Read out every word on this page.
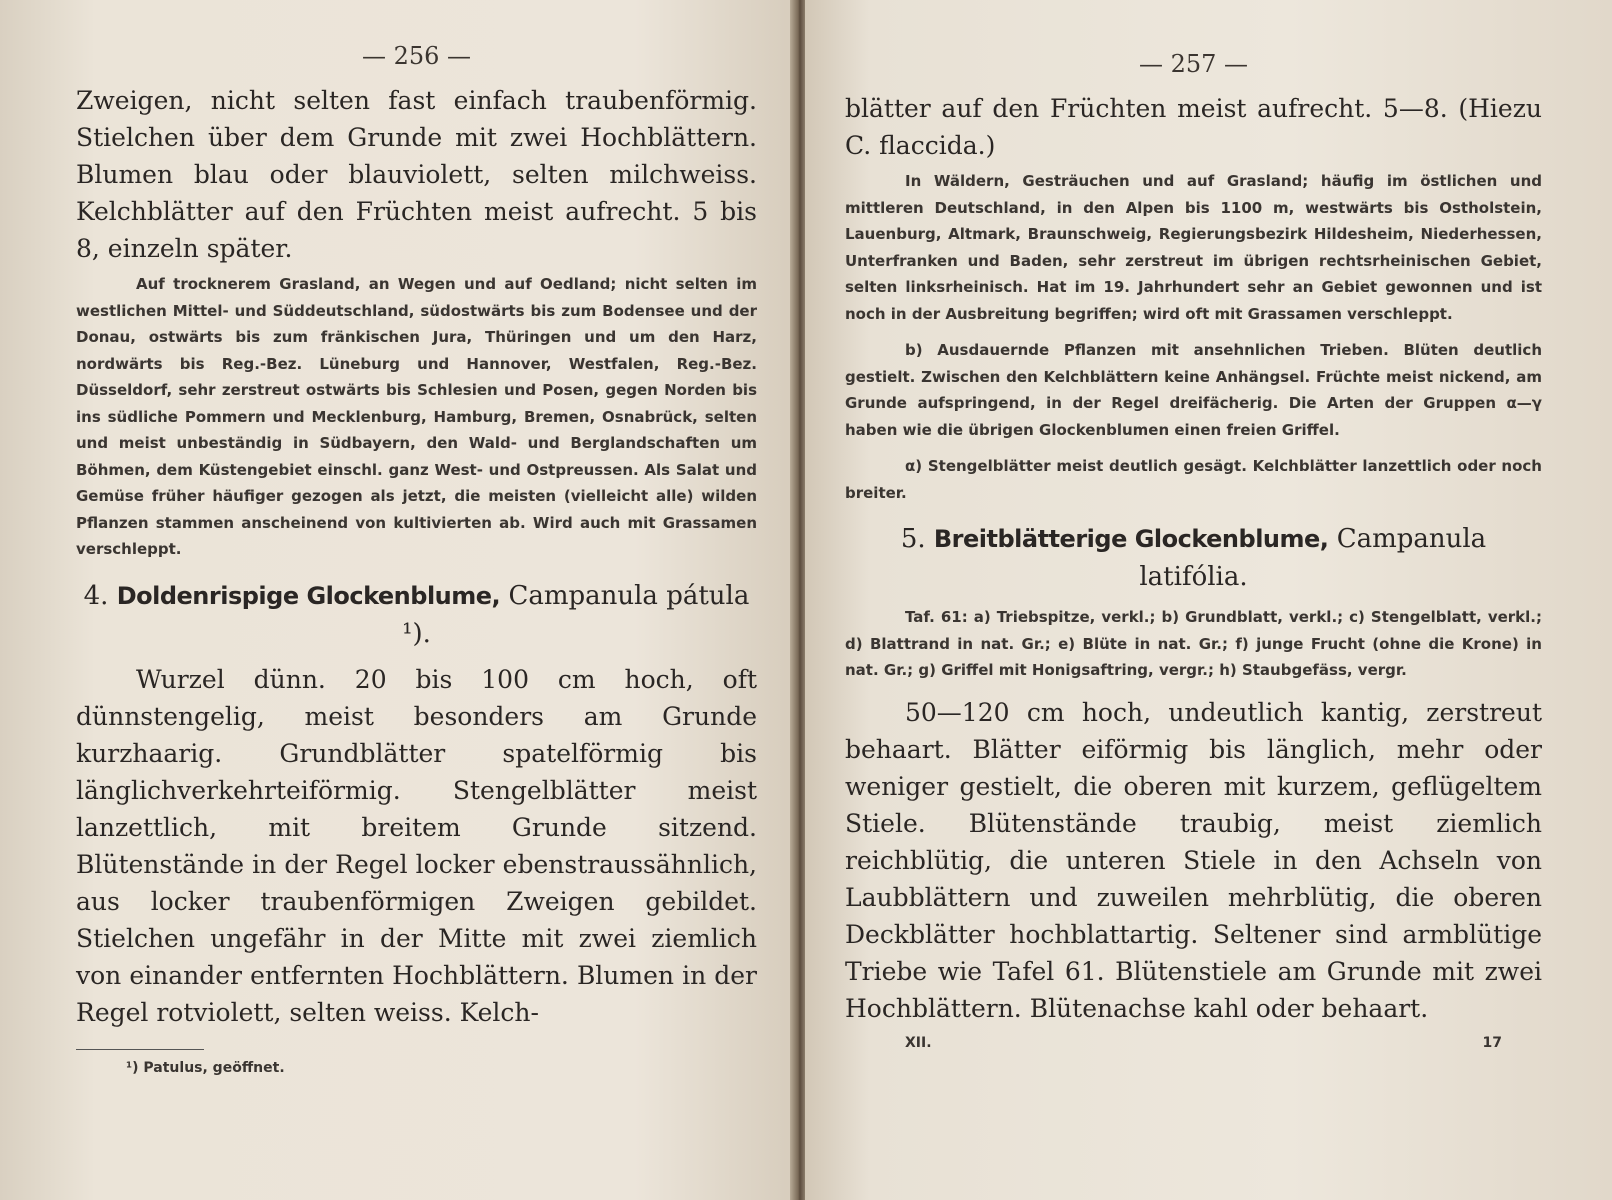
— 256 —

Zweigen, nicht selten fast einfach traubenförmig. Stielchen über dem Grunde mit zwei Hochblättern. Blumen blau oder blauviolett, selten milchweiss. Kelchblätter auf den Früchten meist aufrecht. 5 bis 8, einzeln später.

Auf trocknerem Grasland, an Wegen und auf Oedland; nicht selten im westlichen Mittel- und Süddeutschland, südostwärts bis zum Bodensee und der Donau, ostwärts bis zum fränkischen Jura, Thüringen und um den Harz, nordwärts bis Reg.-Bez. Lüneburg und Hannover, Westfalen, Reg.-Bez. Düsseldorf, sehr zerstreut ostwärts bis Schlesien und Posen, gegen Norden bis ins südliche Pommern und Mecklenburg, Hamburg, Bremen, Osnabrück, selten und meist unbeständig in Südbayern, den Wald- und Berglandschaften um Böhmen, dem Küstengebiet einschl. ganz West- und Ostpreussen. Als Salat und Gemüse früher häufiger gezogen als jetzt, die meisten (vielleicht alle) wilden Pflanzen stammen anscheinend von kultivierten ab. Wird auch mit Grassamen verschleppt.

4. Doldenrispige Glockenblume, Campanula pátula ¹).

Wurzel dünn. 20 bis 100 cm hoch, oft dünnstengelig, meist besonders am Grunde kurzhaarig. Grundblätter spatelförmig bis länglichverkehrteiförmig. Stengelblätter meist lanzettlich, mit breitem Grunde sitzend. Blütenstände in der Regel locker ebenstraussähnlich, aus locker traubenförmigen Zweigen gebildet. Stielchen ungefähr in der Mitte mit zwei ziemlich von einander entfernten Hochblättern. Blumen in der Regel rotviolett, selten weiss. Kelch-

¹) Patulus, geöffnet.
— 257 —

blätter auf den Früchten meist aufrecht. 5—8. (Hiezu C. flaccida.)

In Wäldern, Gesträuchen und auf Grasland; häufig im östlichen und mittleren Deutschland, in den Alpen bis 1100 m, westwärts bis Ostholstein, Lauenburg, Altmark, Braunschweig, Regierungsbezirk Hildesheim, Niederhessen, Unterfranken und Baden, sehr zerstreut im übrigen rechtsrheinischen Gebiet, selten linksrheinisch. Hat im 19. Jahrhundert sehr an Gebiet gewonnen und ist noch in der Ausbreitung begriffen; wird oft mit Grassamen verschleppt.

b) Ausdauernde Pflanzen mit ansehnlichen Trieben. Blüten deutlich gestielt. Zwischen den Kelchblättern keine Anhängsel. Früchte meist nickend, am Grunde aufspringend, in der Regel dreifächerig. Die Arten der Gruppen α—γ haben wie die übrigen Glockenblumen einen freien Griffel.

α) Stengelblätter meist deutlich gesägt. Kelchblätter lanzettlich oder noch breiter.

5. Breitblätterige Glockenblume, Campanula latifólia.

Taf. 61: a) Triebspitze, verkl.; b) Grundblatt, verkl.; c) Stengelblatt, verkl.; d) Blattrand in nat. Gr.; e) Blüte in nat. Gr.; f) junge Frucht (ohne die Krone) in nat. Gr.; g) Griffel mit Honigsaftring, vergr.; h) Staubgefäss, vergr.

50—120 cm hoch, undeutlich kantig, zerstreut behaart. Blätter eiförmig bis länglich, mehr oder weniger gestielt, die oberen mit kurzem, geflügeltem Stiele. Blütenstände traubig, meist ziemlich reichblütig, die unteren Stiele in den Achseln von Laubblättern und zuweilen mehrblütig, die oberen Deckblätter hochblattartig. Seltener sind armblütige Triebe wie Tafel 61. Blütenstiele am Grunde mit zwei Hochblättern. Blütenachse kahl oder behaart.

XII.	17
